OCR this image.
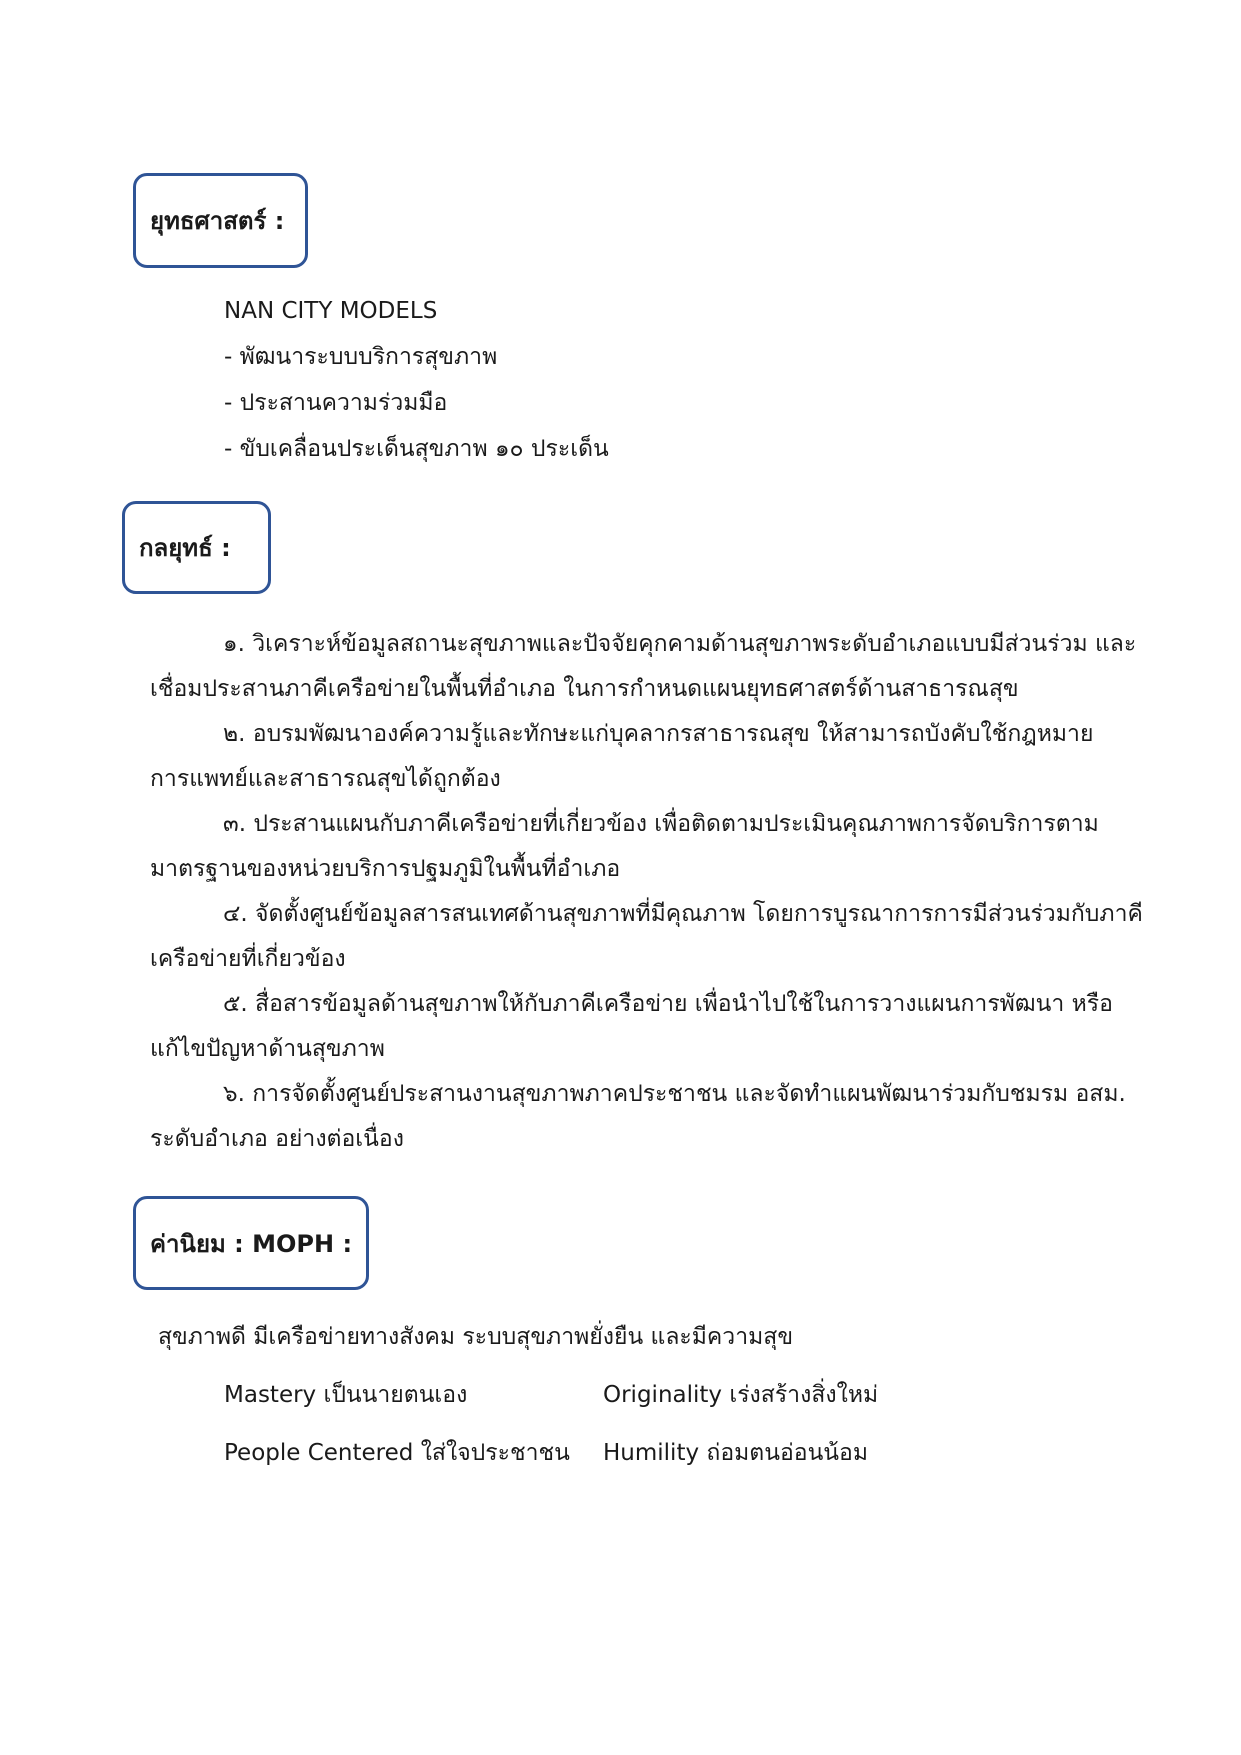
ยุทธศาสตร์ :
NAN CITY MODELS
- พัฒนาระบบบริการสุขภาพ
- ประสานความร่วมมือ
- ขับเคลื่อนประเด็นสุขภาพ ๑๐ ประเด็น
กลยุทธ์ :
๑. วิเคราะห์ข้อมูลสถานะสุขภาพและปัจจัยคุกคามด้านสุขภาพระดับอำเภอแบบมีส่วนร่วม และ
เชื่อมประสานภาคีเครือข่ายในพื้นที่อำเภอ ในการกำหนดแผนยุทธศาสตร์ด้านสาธารณสุข
๒. อบรมพัฒนาองค์ความรู้และทักษะแก่บุคลากรสาธารณสุข ให้สามารถบังคับใช้กฎหมาย
การแพทย์และสาธารณสุขได้ถูกต้อง
๓. ประสานแผนกับภาคีเครือข่ายที่เกี่ยวข้อง เพื่อติดตามประเมินคุณภาพการจัดบริการตาม
มาตรฐานของหน่วยบริการปฐมภูมิในพื้นที่อำเภอ
๔. จัดตั้งศูนย์ข้อมูลสารสนเทศด้านสุขภาพที่มีคุณภาพ โดยการบูรณาการการมีส่วนร่วมกับภาคี
เครือข่ายที่เกี่ยวข้อง
๕. สื่อสารข้อมูลด้านสุขภาพให้กับภาคีเครือข่าย เพื่อนำไปใช้ในการวางแผนการพัฒนา หรือ
แก้ไขปัญหาด้านสุขภาพ
๖. การจัดตั้งศูนย์ประสานงานสุขภาพภาคประชาชน และจัดทำแผนพัฒนาร่วมกับชมรม อสม.
ระดับอำเภอ อย่างต่อเนื่อง
ค่านิยม : MOPH :
สุขภาพดี มีเครือข่ายทางสังคม ระบบสุขภาพยั่งยืน และมีความสุข
Mastery เป็นนายตนเอง	Originality เร่งสร้างสิ่งใหม่
People Centered ใส่ใจประชาชน Humility ถ่อมตนอ่อนน้อม
